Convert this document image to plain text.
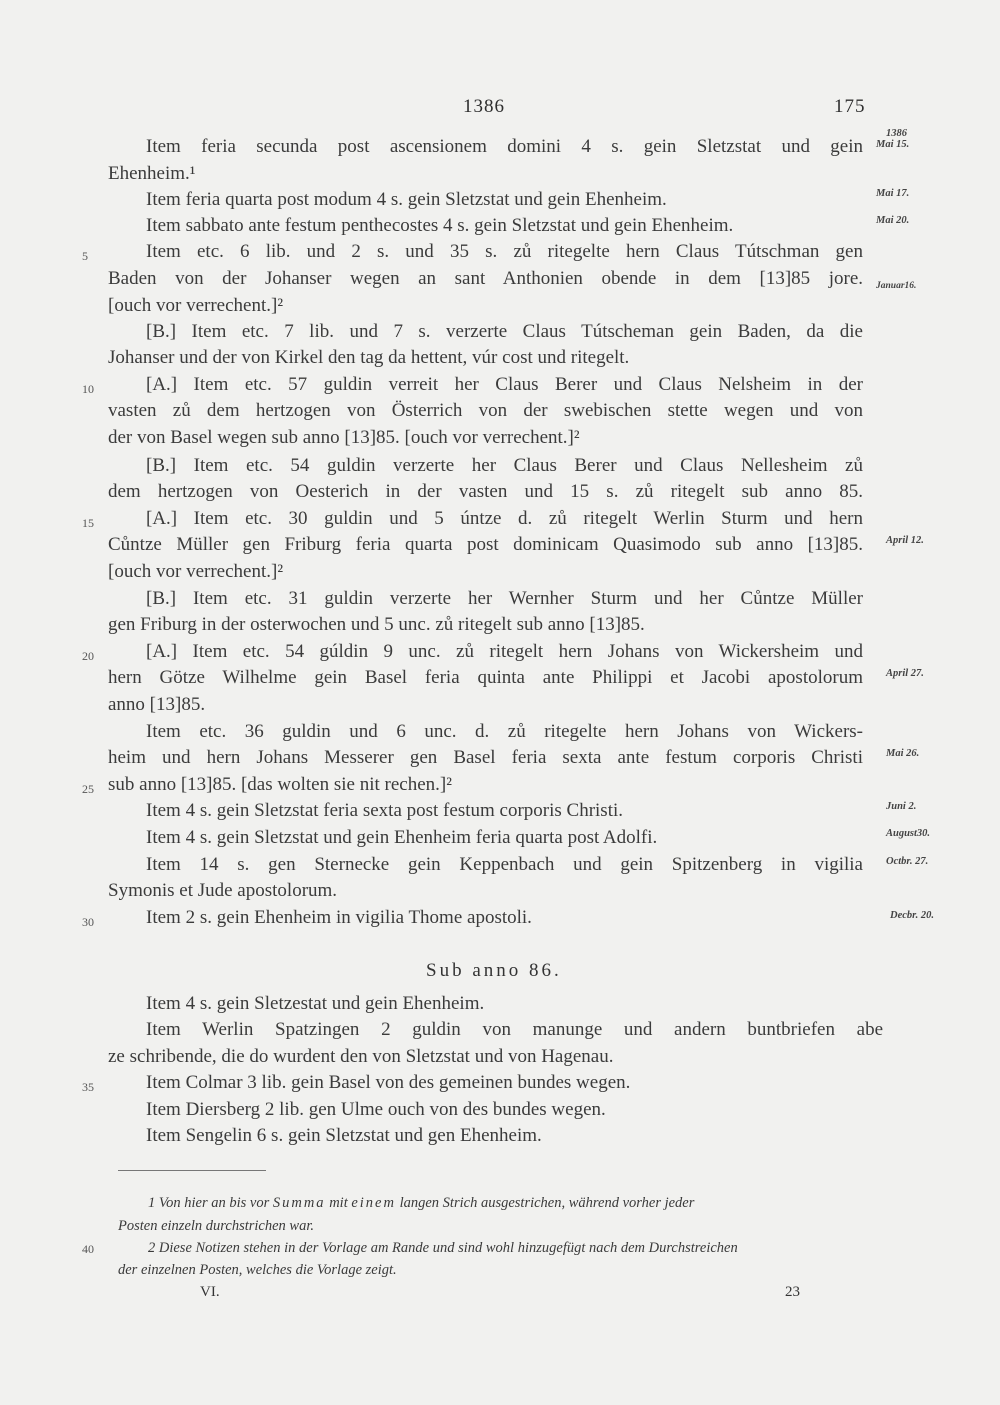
1386	175
Item feria secunda post ascensionem domini 4 s. gein Sletzstat und gein
Ehenheim.¹
Item feria quarta post modum 4 s. gein Sletzstat und gein Ehenheim.
Item sabbato ante festum penthecostes 4 s. gein Sletzstat und gein Ehenheim.
Item etc. 6 lib. und 2 s. und 35 s. zů ritegelte hern Claus Tútschman gen
Baden von der Johanser wegen an sant Anthonien obende in dem [13]85 jore.
[ouch vor verrechent.]²
[B.] Item etc. 7 lib. und 7 s. verzerte Claus Tútscheman gein Baden, da die
Johanser und der von Kirkel den tag da hettent, vúr cost und ritegelt.
[A.] Item etc. 57 guldin verreit her Claus Berer und Claus Nelsheim in der
vasten zů dem hertzogen von Österrich von der swebischen stette wegen und von
der von Basel wegen sub anno [13]85. [ouch vor verrechent.]²
[B.] Item etc. 54 guldin verzerte her Claus Berer und Claus Nellesheim zů
dem hertzogen von Oesterich in der vasten und 15 s. zů ritegelt sub anno 85.
[A.] Item etc. 30 guldin und 5 úntze d. zů ritegelt Werlin Sturm und hern
Cůntze Müller gen Friburg feria quarta post dominicam Quasimodo sub anno [13]85.
[ouch vor verrechent.]²
[B.] Item etc. 31 guldin verzerte her Wernher Sturm und her Cůntze Müller
gen Friburg in der osterwochen und 5 unc. zů ritegelt sub anno [13]85.
[A.] Item etc. 54 gúldin 9 unc. zů ritegelt hern Johans von Wickersheim und
hern Götze Wilhelme gein Basel feria quinta ante Philippi et Jacobi apostolorum
anno [13]85.
Item etc. 36 guldin und 6 unc. d. zů ritegelte hern Johans von Wickers-
heim und hern Johans Messerer gen Basel feria sexta ante festum corporis Christi
sub anno [13]85. [das wolten sie nit rechen.]²
Item 4 s. gein Sletzstat feria sexta post festum corporis Christi.
Item 4 s. gein Sletzstat und gein Ehenheim feria quarta post Adolfi.
Item 14 s. gen Sternecke gein Keppenbach und gein Spitzenberg in vigilia
Symonis et Jude apostolorum.
Item 2 s. gein Ehenheim in vigilia Thome apostoli.
Sub anno 86.
Item 4 s. gein Sletzestat und gein Ehenheim.
Item Werlin Spatzingen 2 guldin von manunge und andern buntbriefen abe
ze schribende, die do wurdent den von Sletzstat und von Hagenau.
Item Colmar 3 lib. gein Basel von des gemeinen bundes wegen.
Item Diersberg 2 lib. gen Ulme ouch von des bundes wegen.
Item Sengelin 6 s. gein Sletzstat und gen Ehenheim.
5
10
15
20
25
30
35
40
1386
Mai 15.
Mai 17.
Mai 20.
Januar16.
April 12.
April 27.
Mai 26.
Juni 2.
August30.
Octbr. 27.
Decbr. 20.
1 Von hier an bis vor Summa mit einem langen Strich ausgestrichen, während vorher jeder
Posten einzeln durchstrichen war.
2 Diese Notizen stehen in der Vorlage am Rande und sind wohl hinzugefügt nach dem Durchstreichen
der einzelnen Posten, welches die Vorlage zeigt.
VI.	23
